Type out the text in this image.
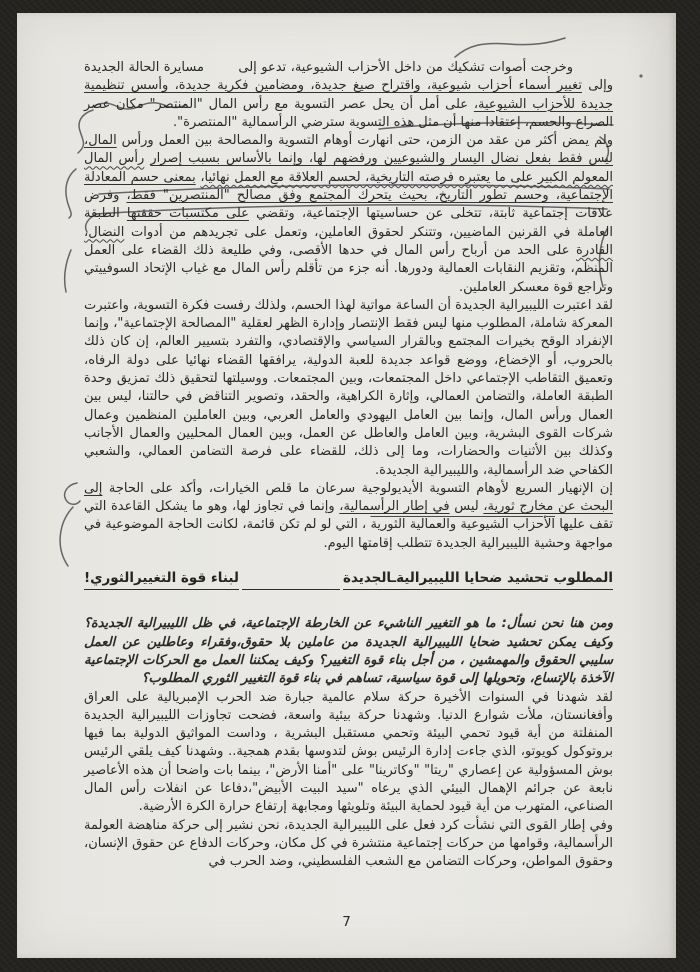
وخرجت أصوات تشكيك من داخل الأحزاب الشيوعية، تدعو إلى مسايرة الحالة الجديدة وإلى تغيير أسماء أحزاب شيوعية، واقتراح صيغ جديدة، ومضامين فكرية جديدة، وأسس تنظيمية جديدة للأحزاب الشيوعية، على أمل أن يحل عصر التسوية مع رأس المال "المنتصر" مكان عصر الصراع والحسم، إعتقادا منها أن مثل هذه التسوية سترضي الرأسمالية "المنتصرة".

ولم يمض أكثر من عقد من الزمن، حتى انهارت أوهام التسوية والمصالحة بين العمل ورأس المال، ليس فقط بفعل نضال اليسار والشيوعيين ورفضهم لها، وإنما بالأساس بسبب إصرار رأس المال المعولم الكبير على ما يعتبره فرصته التاريخية، لحسم العلاقة مع العمل نهائيا، بمعنى حسم المعادلة الإجتماعية، وحسم تطور التاريخ، بحيث يتحرك المجتمع وفق مصالح "المنتصرين" فقط، وفرض علاقات إجتماعية ثابتة، تتخلى عن حساسيتها الإجتماعية، وتقضي على مكتسبات حققتها الطبقة العاملة في القرنين الماضيين، وتتنكر لحقوق العاملين، وتعمل على تجريدهم من أدوات النضال، القادرة على الحد من أرباح رأس المال في حدها الأقصى، وفي طليعة ذلك القضاء على العمل المنظم، وتقزيم النقابات العمالية ودورها. أنه جزء من تأقلم رأس المال مع غياب الإتحاد السوفييتي وتراجع قوة معسكر العاملين.

لقد اعتبرت الليبيرالية الجديدة أن الساعة مواتية لهذا الحسم، ولذلك رفست فكرة التسوية، واعتبرت المعركة شاملة، المطلوب منها ليس فقط الإنتصار وإدارة الظهر لعقلية "المصالحة الإجتماعية"، وإنما الإنفراد الوقح بخيرات المجتمع وبالقرار السياسي والإقتصادي، والتفرد بتسيير العالم، إن كان ذلك بالحروب، أو الإخضاع، ووضع قواعد جديدة للعبة الدولية، يرافقها القضاء نهائيا على دولة الرفاه، وتعميق التقاطب الإجتماعي داخل المجتمعات، وبين المجتمعات. ووسيلتها لتحقيق ذلك تمزيق وحدة الطبقة العاملة، والتضامن العمالي، وإثارة الكراهية، والحقد، وتصوير التناقض في حالتنا، ليس بين العمال ورأس المال، وإنما بين العامل اليهودي والعامل العربي، وبين العاملين المنظمين وعمال شركات القوى البشرية، وبين العامل والعاطل عن العمل، وبين العمال المحليين والعمال الأجانب وكذلك بين الأثنيات والحضارات، وما إلى ذلك، للقضاء على فرصة التضامن العمالي، والشعبي الكفاحي ضد الرأسمالية، والليبيرالية الجديدة.

إن الإنهيار السريع لأوهام التسوية الأيديولوجية سرعان ما قلص الخيارات، وأكد على الحاجة إلى البحث عن مخارج ثورية، ليس في إطار الرأسمالية، وإنما في تجاوز لها، وهو ما يشكل القاعدة التي تقف عليها الأحزاب الشيوعية والعمالية الثورية ، التي لو لم تكن قائمة، لكانت الحاجة الموضوعية في مواجهة وحشية الليبيرالية الجديدة تتطلب إقامتها اليوم.

المطلوب تحشيد ضحايا الليبيراليةـالجديدة
لبناء قوة التغييرالثوري!

ومن هنا نحن نسأل: ما هو التغيير الناشيء عن الخارطة الإجتماعية، في ظل الليبيرالية الجديدة؟ وكيف يمكن تحشيد ضحايا الليبيرالية الجديدة من عاملين بلا حقوق،وفقراء وعاطلين عن العمل سليبي الحقوق والمهمشين ، من أجل بناء قوة التغيير؟ وكيف يمكننا العمل مع الحركات الإجتماعية الآخذة بالإتساع، وتحويلها إلى قوة سياسية، تساهم في بناء قوة التغيير الثوري المطلوب؟

لقد شهدنا في السنوات الأخيرة حركة سلام عالمية جبارة ضد الحرب الإمبريالية على العراق وأفغانستان، ملأت شوارع الدنيا. وشهدنا حركة بيئية واسعة، فضحت تجاوزات الليبيرالية الجديدة المنفلتة من أية قيود تحمي البيئة وتحمي مستقبل البشرية ، وداست المواثيق الدولية بما فيها بروتوكول كويوتو، الذي جاءت إدارة الرئيس بوش لتدوسها بقدم همجية.. وشهدنا كيف يلقي الرئيس بوش المسؤولية عن إعصاري "ريتا" "وكاترينا" على "أمنا الأرض"، بينما بات واضحا أن هذه الأعاصير نابعة عن جرائم الإهمال البيئي الذي يرعاه "سيد البيت الأبيض"،دفاعا عن انفلات رأس المال الصناعي، المتهرب من أية قيود لحماية البيئة وتلويثها ومجابهة إرتفاع حرارة الكرة الأرضية.

وفي إطار القوى التي نشأت كرد فعل على الليبيرالية الجديدة، نحن نشير إلى حركة مناهضة العولمة الرأسمالية، وقوامها من حركات إجتماعية منتشرة في كل مكان، وحركات الدفاع عن حقوق الإنسان، وحقوق المواطن، وحركات التضامن مع الشعب الفلسطيني، وضد الحرب في

7
